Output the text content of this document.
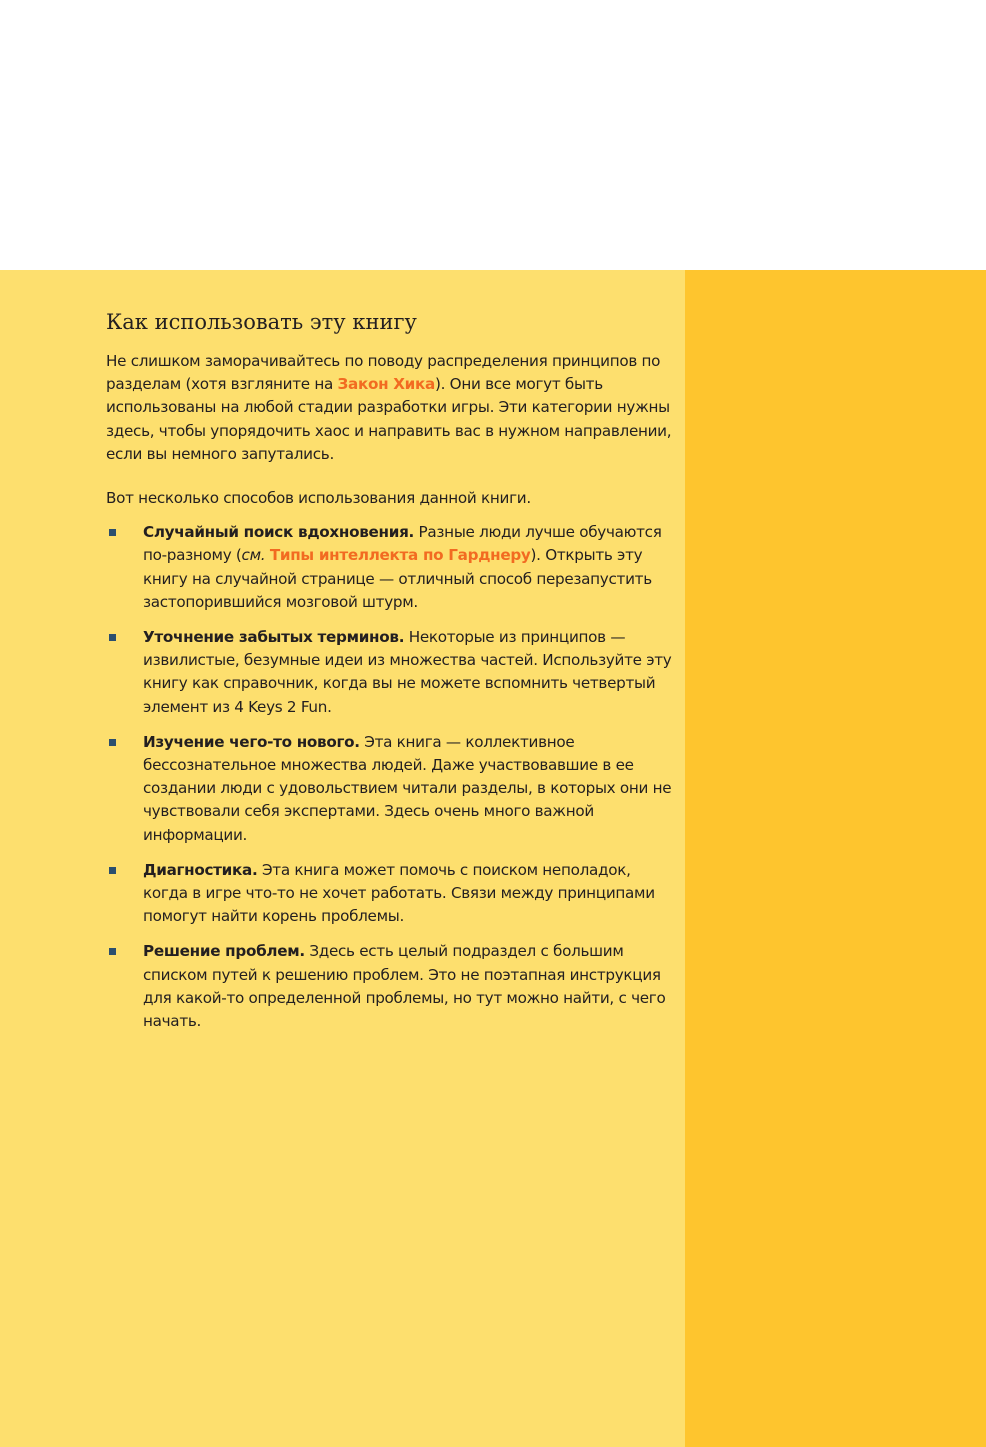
Как использовать эту книгу

Не слишком заморачивайтесь по поводу распределения принципов по разделам (хотя взгляните на Закон Хика). Они все могут быть использованы на любой стадии разработки игры. Эти категории нужны здесь, чтобы упорядочить хаос и направить вас в нужном направлении, если вы немного запутались.

Вот несколько способов использования данной книги.

Случайный поиск вдохновения. Разные люди лучше обучаются по-разному (см. Типы интеллекта по Гарднеру). Открыть эту книгу на случайной странице — отличный способ перезапустить застопорившийся мозговой штурм.
Уточнение забытых терминов. Некоторые из принципов — извилистые, безумные идеи из множества частей. Используйте эту книгу как справочник, когда вы не можете вспомнить четвертый элемент из 4 Keys 2 Fun.
Изучение чего-то нового. Эта книга — коллективное бессознательное множества людей. Даже участвовавшие в ее создании люди с удовольствием читали разделы, в которых они не чувствовали себя экспертами. Здесь очень много важной информации.
Диагностика. Эта книга может помочь с поиском неполадок, когда в игре что-то не хочет работать. Связи между принципами помогут найти корень проблемы.
Решение проблем. Здесь есть целый подраздел с большим списком путей к решению проблем. Это не поэтапная инструкция для какой-то определенной проблемы, но тут можно найти, с чего начать.
